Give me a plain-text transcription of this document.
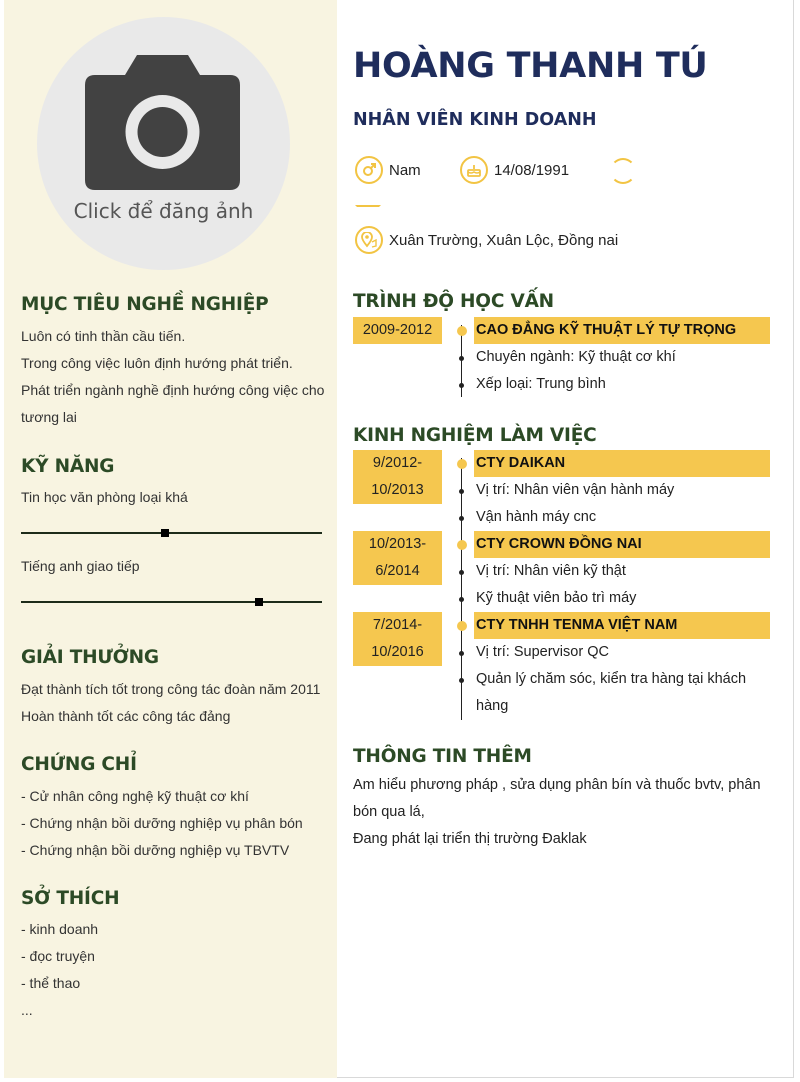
Click để đăng ảnh
MỤC TIÊU NGHỀ NGHIỆP
Luôn có tinh thần cầu tiến.
Trong công việc luôn định hướng phát triển.
Phát triển ngành nghề định hướng công việc cho
tương lai
KỸ NĂNG
Tin học văn phòng loại khá
Tiếng anh giao tiếp
GIẢI THƯỞNG
Đạt thành tích tốt trong công tác đoàn năm 2011
Hoàn thành tốt các công tác đảng
CHỨNG CHỈ
- Cử nhân công nghệ kỹ thuật cơ khí
- Chứng nhận bồi dưỡng nghiệp vụ phân bón
- Chứng nhận bồi dưỡng nghiệp vụ TBVTV
SỞ THÍCH
- kinh doanh
- đọc truyện
- thể thao
...
HOÀNG THANH TÚ
NHÂN VIÊN KINH DOANH
Nam	14/08/1991
Xuân Trường, Xuân Lộc, Đồng nai
TRÌNH ĐỘ HỌC VẤN
2009-2012	CAO ĐẲNG KỸ THUẬT LÝ TỰ TRỌNG
Chuyên ngành: Kỹ thuật cơ khí
Xếp loại: Trung bình
KINH NGHIỆM LÀM VIỆC
9/2012-
10/2013
CTY DAIKAN
Vị trí: Nhân viên vận hành máy
Vận hành máy cnc
10/2013-
6/2014
CTY CROWN ĐỒNG NAI
Vị trí: Nhân viên kỹ thật
Kỹ thuật viên bảo trì máy
7/2014-
10/2016
CTY TNHH TENMA VIỆT NAM
Vị trí: Supervisor QC
Quản lý chăm sóc, kiển tra hàng tại khách
hàng
THÔNG TIN THÊM
Am hiểu phương pháp , sửa dụng phân bín và thuốc bvtv, phân
bón qua lá,
Đang phát lại triển thị trường Đaklak
